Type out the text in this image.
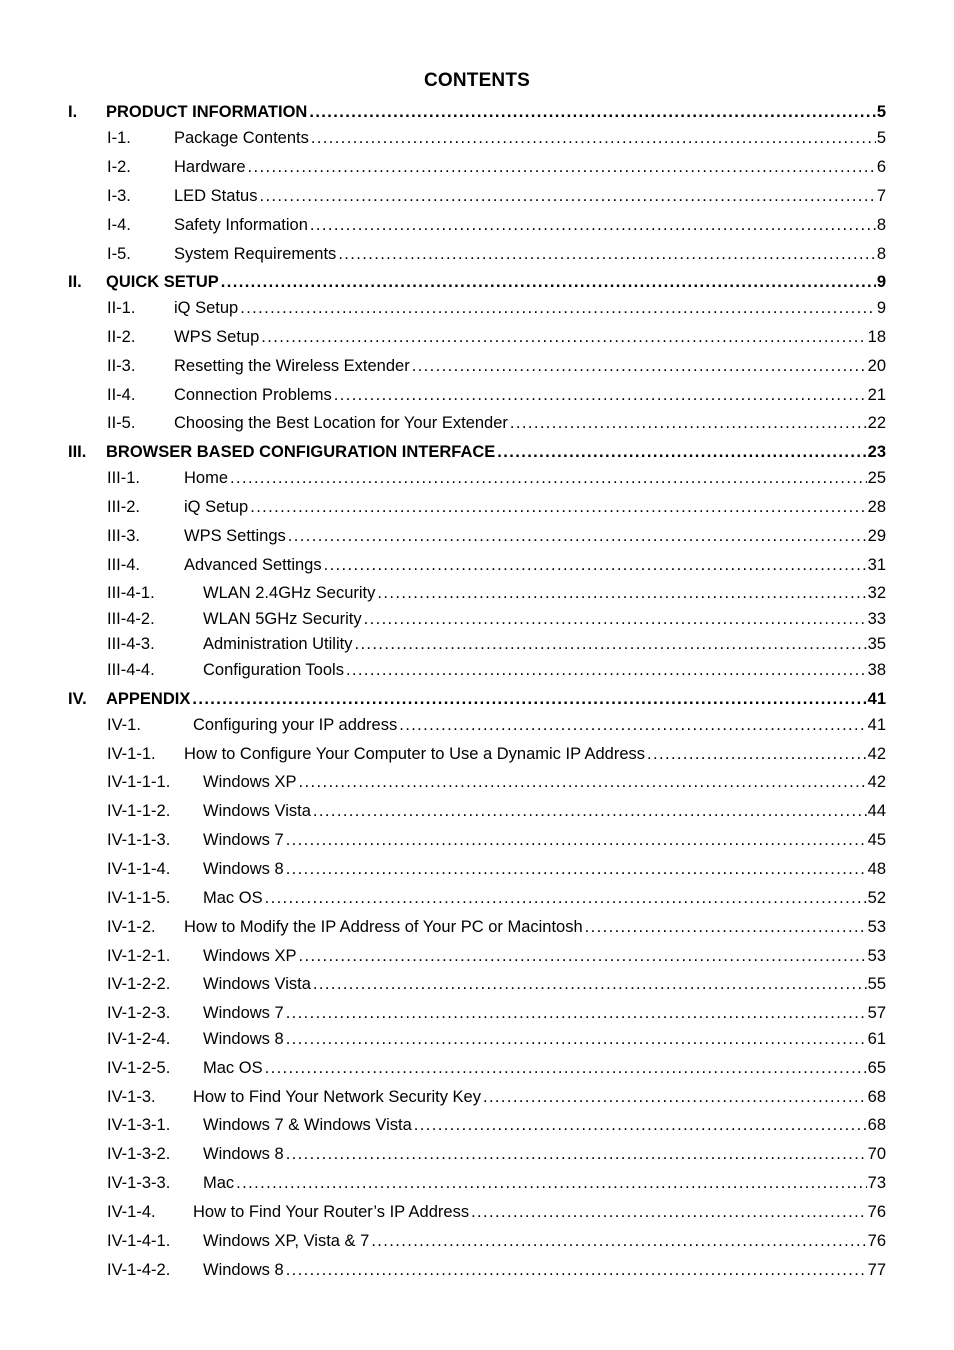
CONTENTS
I. PRODUCT INFORMATION .....	5
I-1.	Package Contents .....	5
I-2.	Hardware .....	6
I-3.	LED Status .....	7
I-4.	Safety Information .....	8
I-5.	System Requirements .....	8
II. QUICK SETUP .....	9
II-1. iQ Setup .....	9
II-2. WPS Setup .....	18
II-3. Resetting the Wireless Extender .....	20
II-4. Connection Problems .....	21
II-5. Choosing the Best Location for Your Extender .....	22
III. BROWSER BASED CONFIGURATION INTERFACE .....	23
III-1.	Home .....	25
III-2.	iQ Setup .....	28
III-3.	WPS Settings .....	29
III-4.	Advanced Settings .....	31
III-4-1.	WLAN 2.4GHz Security .....	32
III-4-2.	WLAN 5GHz Security .....	33
III-4-3.	Administration Utility .....	35
III-4-4.	Configuration Tools .....	38
IV. APPENDIX .....	41
IV-1.	Configuring your IP address .....	41
IV-1-1. How to Configure Your Computer to Use a Dynamic IP Address .....	42
IV-1-1-1. Windows XP .....	42
IV-1-1-2. Windows Vista .....	44
IV-1-1-3. Windows 7 .....	45
IV-1-1-4. Windows 8 .....	48
IV-1-1-5. Mac OS .....	52
IV-1-2. How to Modify the IP Address of Your PC or Macintosh .....	53
IV-1-2-1. Windows XP .....	53
IV-1-2-2. Windows Vista .....	55
IV-1-2-3. Windows 7 .....	57
IV-1-2-4. Windows 8 .....	61
IV-1-2-5. Mac OS .....	65
IV-1-3. How to Find Your Network Security Key .....	68
IV-1-3-1. Windows 7 & Windows Vista .....	68
IV-1-3-2. Windows 8 .....	70
IV-1-3-3. Mac .....	73
IV-1-4. How to Find Your Router’s IP Address .....	76
IV-1-4-1. Windows XP, Vista & 7 .....	76
IV-1-4-2. Windows 8 .....	77
